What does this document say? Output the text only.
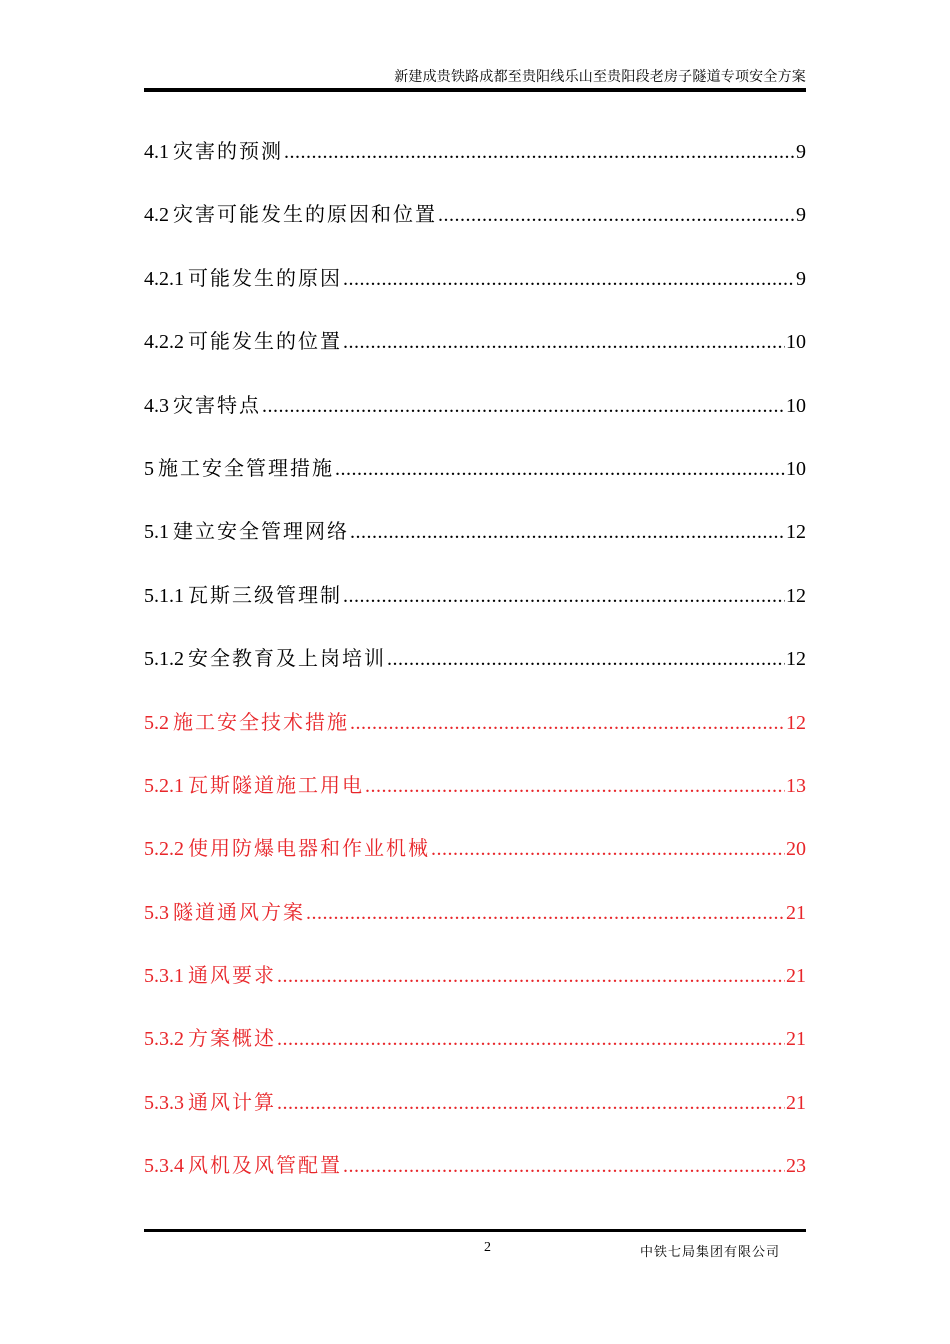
新建成贵铁路成都至贵阳线乐山至贵阳段老房子隧道专项安全方案
4.1 灾害的预测 .....	9
4.2 灾害可能发生的原因和位置 .....	9
4.2.1 可能发生的原因 .....	9
4.2.2 可能发生的位置 .....	10
4.3 灾害特点 .....	10
5 施工安全管理措施 .....	10
5.1 建立安全管理网络 .....	12
5.1.1 瓦斯三级管理制 .....	12
5.1.2 安全教育及上岗培训 .....	12
5.2 施工安全技术措施 .....	12
5.2.1 瓦斯隧道施工用电 .....	13
5.2.2 使用防爆电器和作业机械 .....	20
5.3 隧道通风方案 .....	21
5.3.1 通风要求 .....	21
5.3.2 方案概述 .....	21
5.3.3 通风计算 .....	21
5.3.4 风机及风管配置 .....	23
2	中铁七局集团有限公司
